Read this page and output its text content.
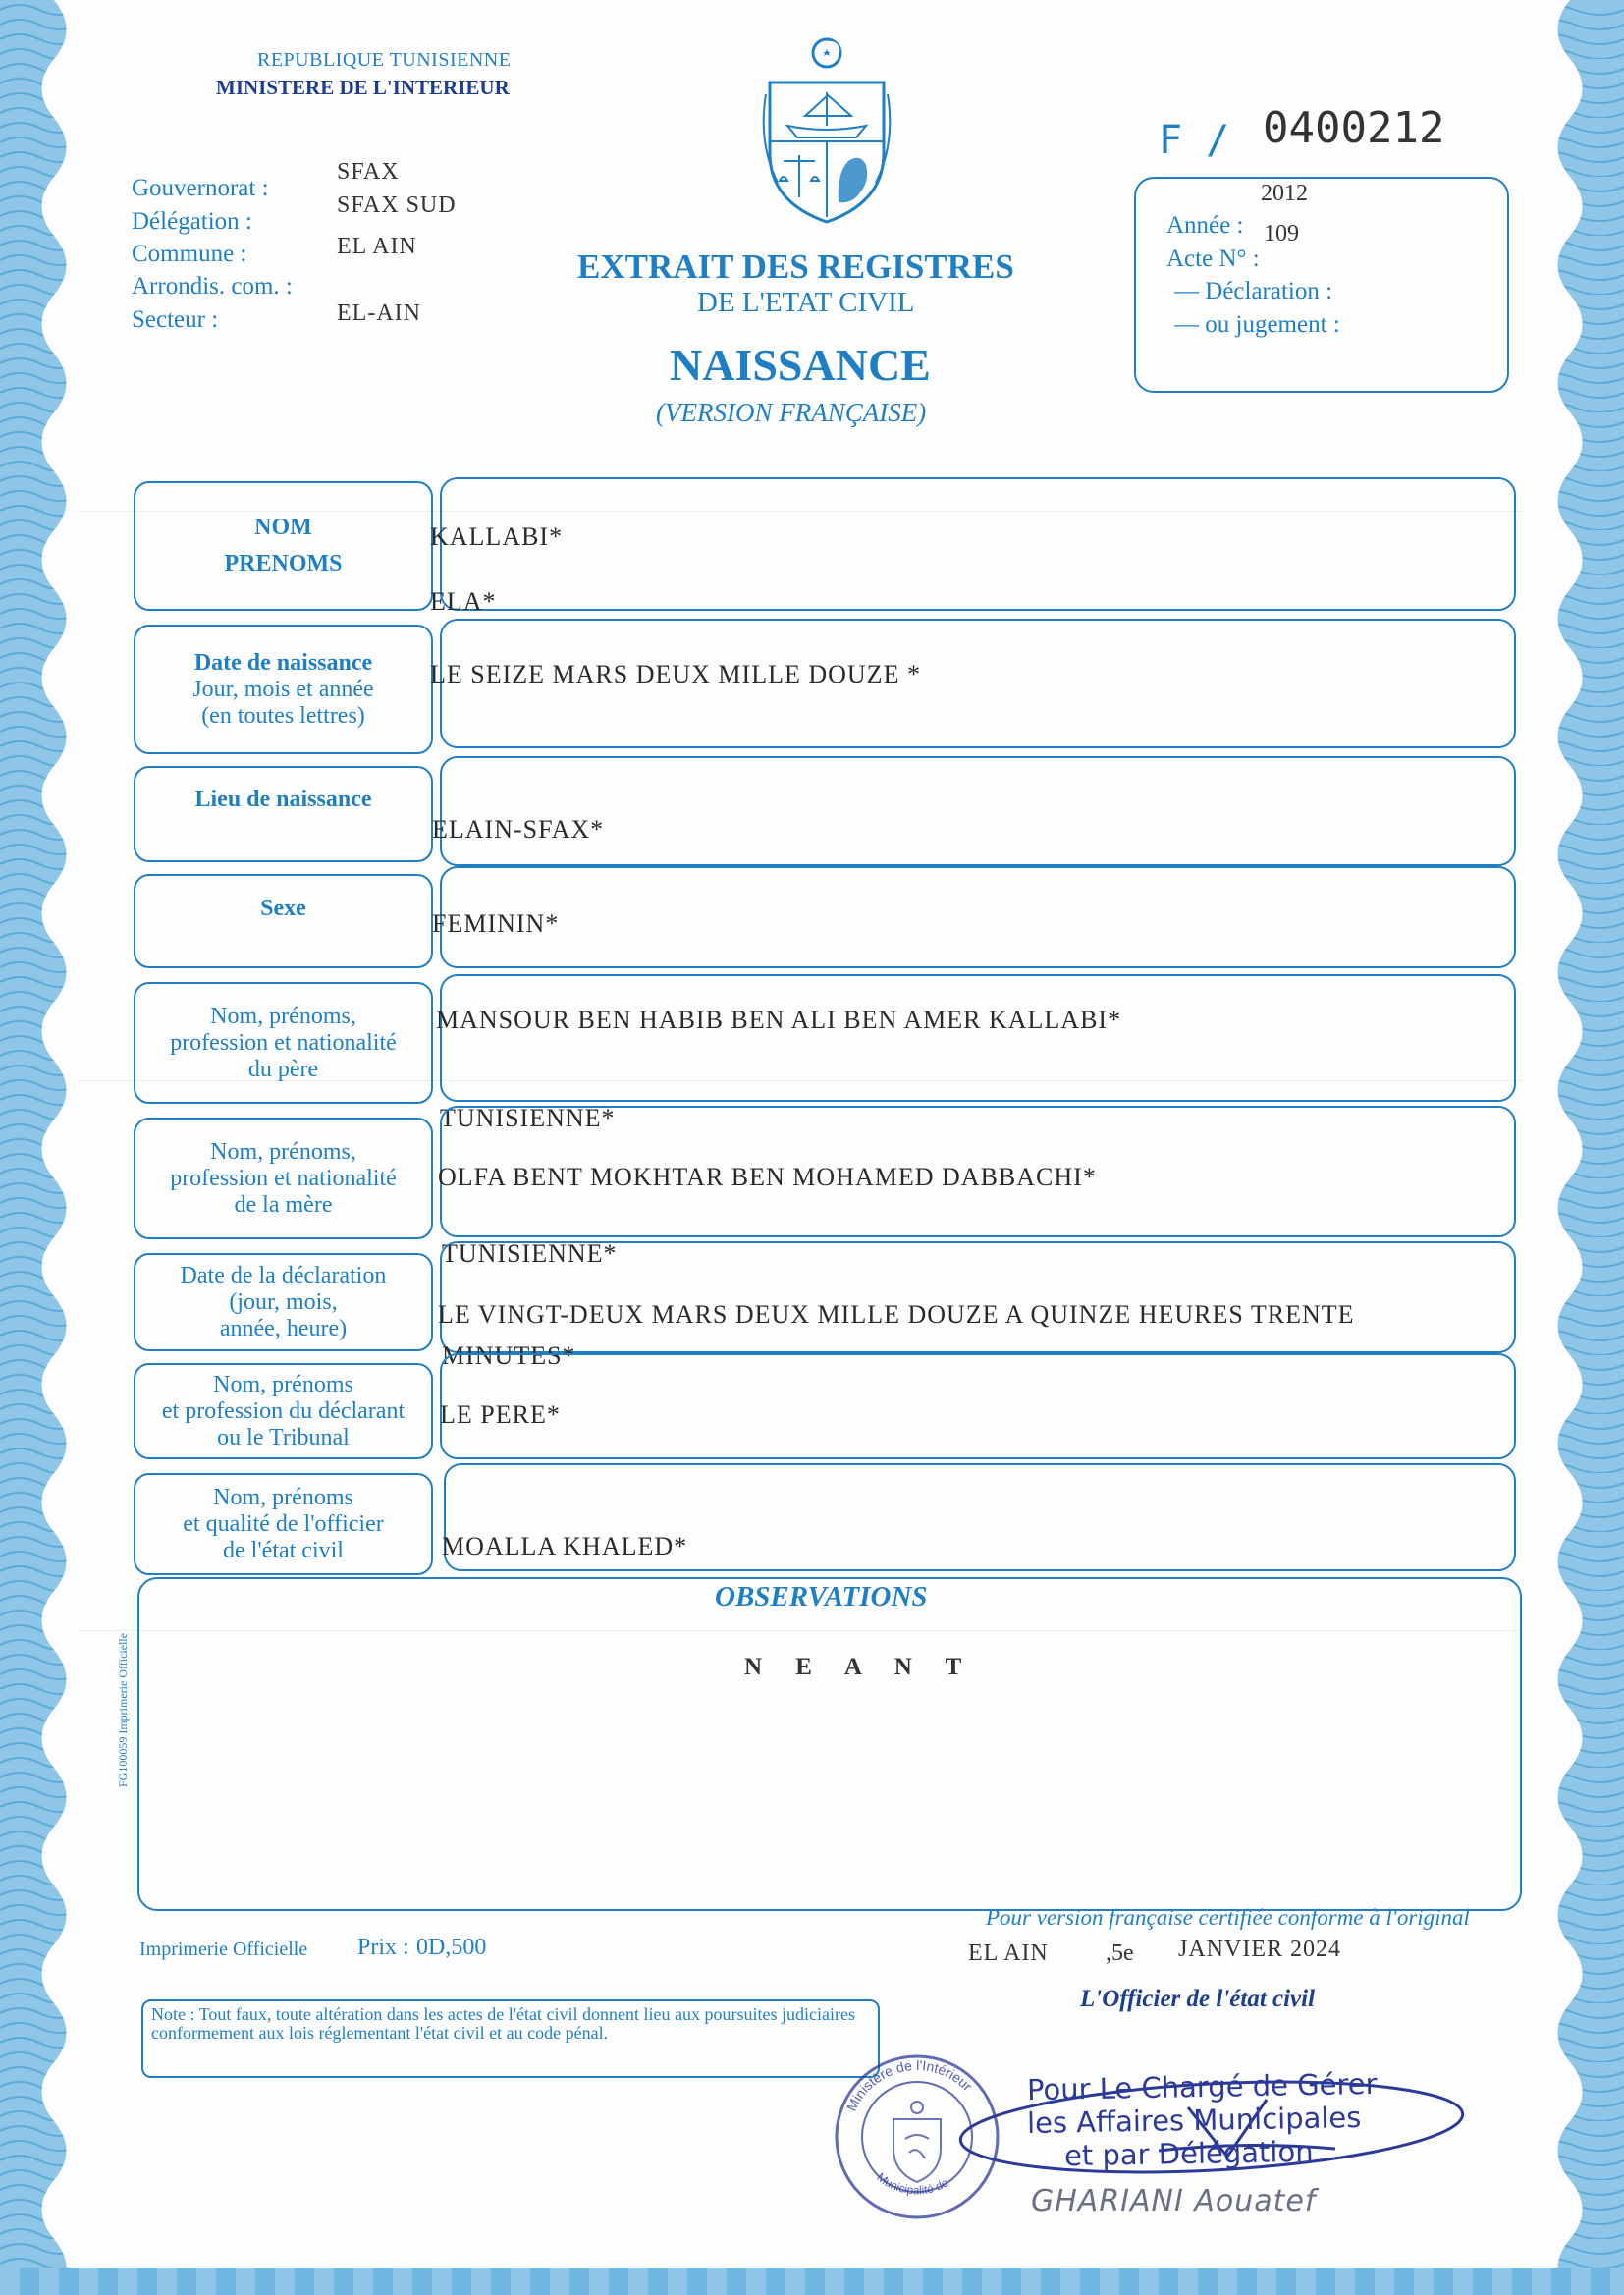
REPUBLIQUE TUNISIENNE
MINISTERE DE L'INTERIEUR
F / 0400212
Gouvernorat :
Délégation :
Commune :
Arrondis. com. :
Secteur :
SFAX
SFAX SUD
EL AIN
EL-AIN
EXTRAIT DES REGISTRES
DE L'ETAT CIVIL
NAISSANCE
(VERSION FRANÇAISE)
Année :
2012
Acte N° :
109
— Déclaration :
— ou jugement :
NOM
PRENOMS
KALLABI*
ELA*
Date de naissance
Jour, mois et année
(en toutes lettres)
LE SEIZE MARS DEUX MILLE DOUZE *
Lieu de naissance
ELAIN-SFAX*
Sexe
FEMININ*
Nom, prénoms,
profession et nationalité
du père
MANSOUR BEN HABIB BEN ALI BEN AMER KALLABI*
TUNISIENNE*
Nom, prénoms,
profession et nationalité
de la mère
OLFA BENT MOKHTAR BEN MOHAMED DABBACHI*
TUNISIENNE*
Date de la déclaration
(jour, mois,
année, heure)	LE VINGT-DEUX MARS DEUX MILLE DOUZE A QUINZE HEURES TRENTE
MINUTES*
Nom, prénoms
et profession du déclarant
ou le Tribunal
LE PERE*
Nom, prénoms
et qualité de l'officier
de l'état civil	MOALLA KHALED*
OBSERVATIONS
N E A N T
FG100059 Imprimerie Officielle
Imprimerie Officielle Prix : 0D,500
Pour version française certifiée conforme à l'original
EL AIN ,5e JANVIER 2024
L'Officier de l'état civil
Note : Tout faux, toute altération dans les actes de l'état civil donnent lieu aux poursuites judiciaires conformement aux lois réglementant l'état civil et au code pénal.
Ministère de l'Intérieur
Municipalité de
Pour Le Chargé de Gérer
les Affaires Municipales
et par Délégation
GHARIANI Aouatef
